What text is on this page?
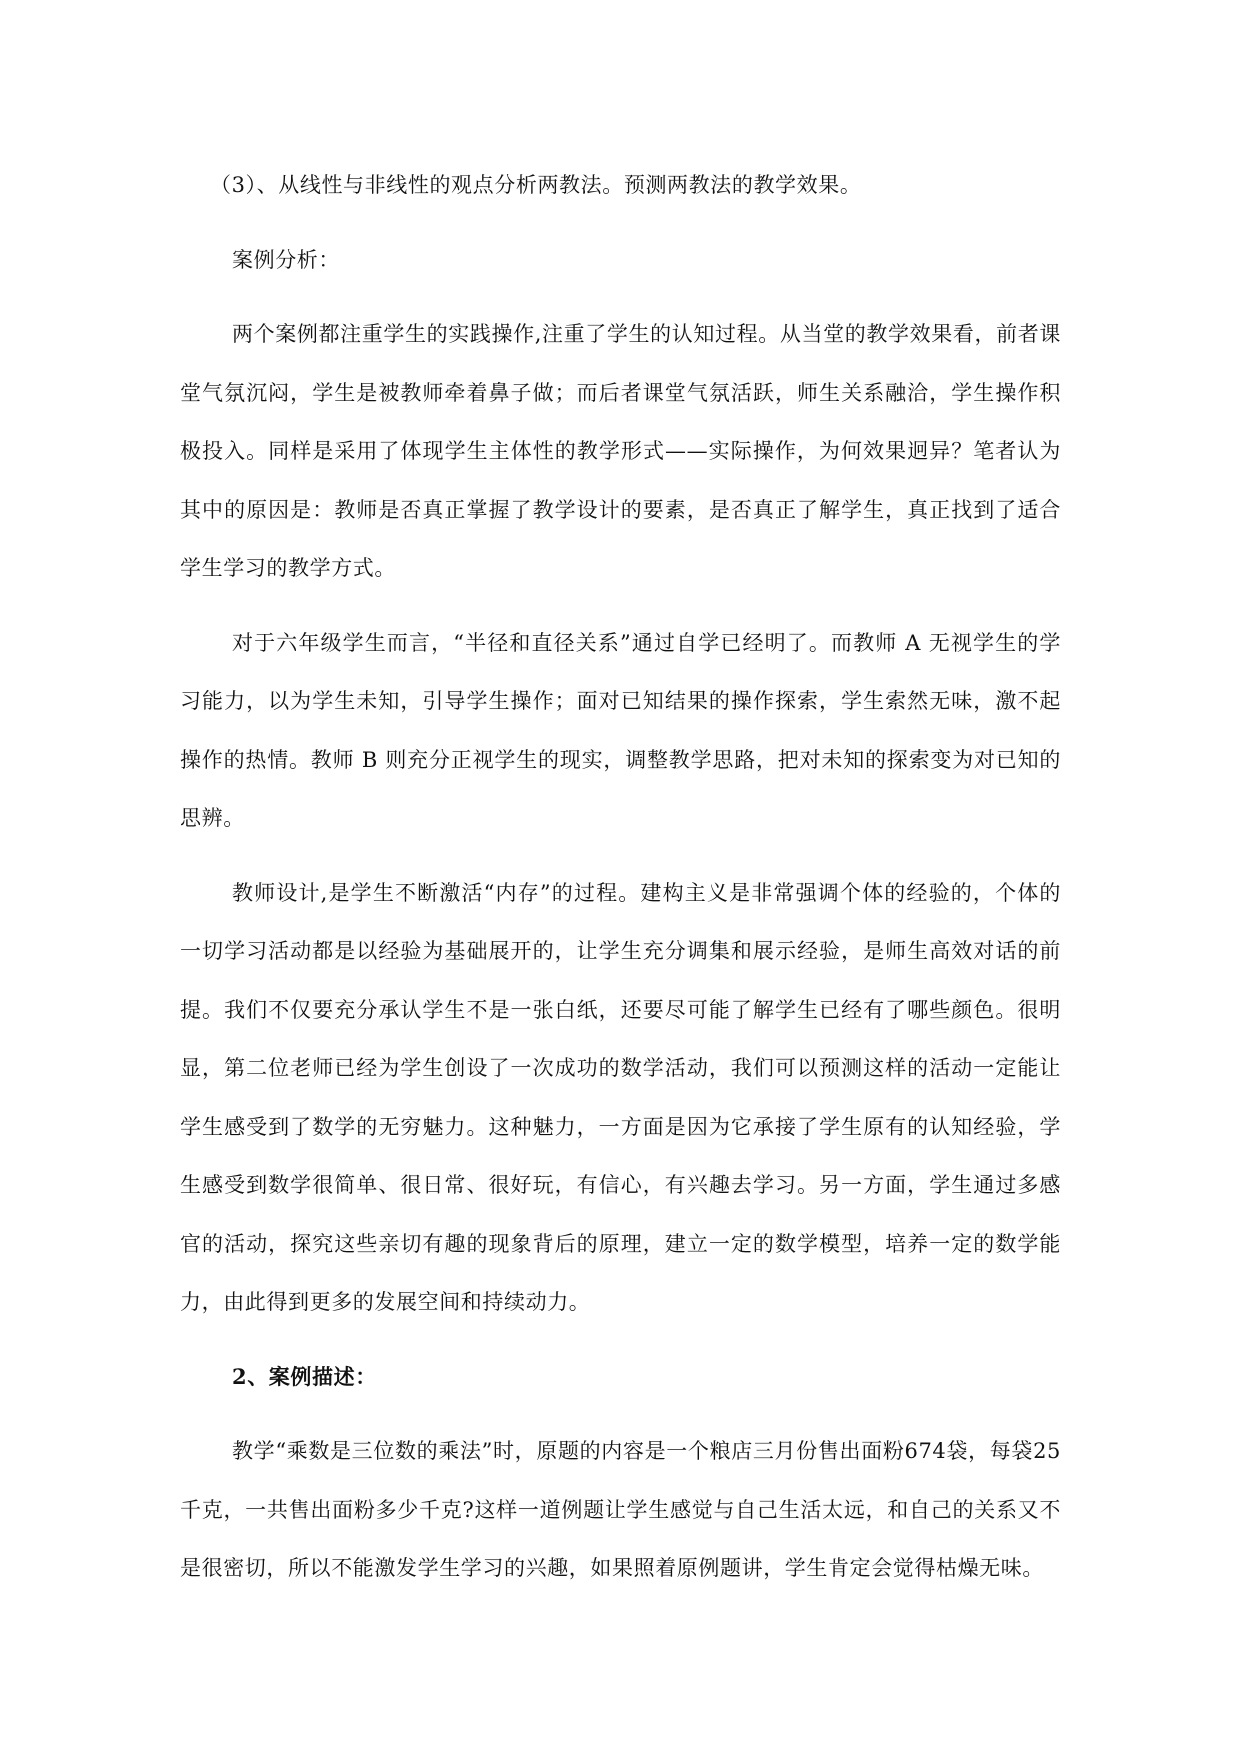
（3）、从线性与非线性的观点分析两教法。预测两教法的教学效果。

案例分析：

两个案例都注重学生的实践操作,注重了学生的认知过程。从当堂的教学效果看，前者课堂气氛沉闷，学生是被教师牵着鼻子做；而后者课堂气氛活跃，师生关系融洽，学生操作积极投入。同样是采用了体现学生主体性的教学形式——实际操作，为何效果迥异？笔者认为其中的原因是：教师是否真正掌握了教学设计的要素，是否真正了解学生，真正找到了适合学生学习的教学方式。

对于六年级学生而言，“半径和直径关系”通过自学已经明了。而教师 A 无视学生的学习能力，以为学生未知，引导学生操作；面对已知结果的操作探索，学生索然无味，激不起操作的热情。教师 B 则充分正视学生的现实，调整教学思路，把对未知的探索变为对已知的思辨。

教师设计,是学生不断激活“内存”的过程。建构主义是非常强调个体的经验的，个体的一切学习活动都是以经验为基础展开的，让学生充分调集和展示经验，是师生高效对话的前提。我们不仅要充分承认学生不是一张白纸，还要尽可能了解学生已经有了哪些颜色。很明显，第二位老师已经为学生创设了一次成功的数学活动，我们可以预测这样的活动一定能让学生感受到了数学的无穷魅力。这种魅力，一方面是因为它承接了学生原有的认知经验，学生感受到数学很简单、很日常、很好玩，有信心，有兴趣去学习。另一方面，学生通过多感官的活动，探究这些亲切有趣的现象背后的原理，建立一定的数学模型，培养一定的数学能力，由此得到更多的发展空间和持续动力。

2、案例描述：

教学“乘数是三位数的乘法”时，原题的内容是一个粮店三月份售出面粉674袋，每袋25千克，一共售出面粉多少千克?这样一道例题让学生感觉与自己生活太远，和自己的关系又不是很密切，所以不能激发学生学习的兴趣，如果照着原例题讲，学生肯定会觉得枯燥无味。
